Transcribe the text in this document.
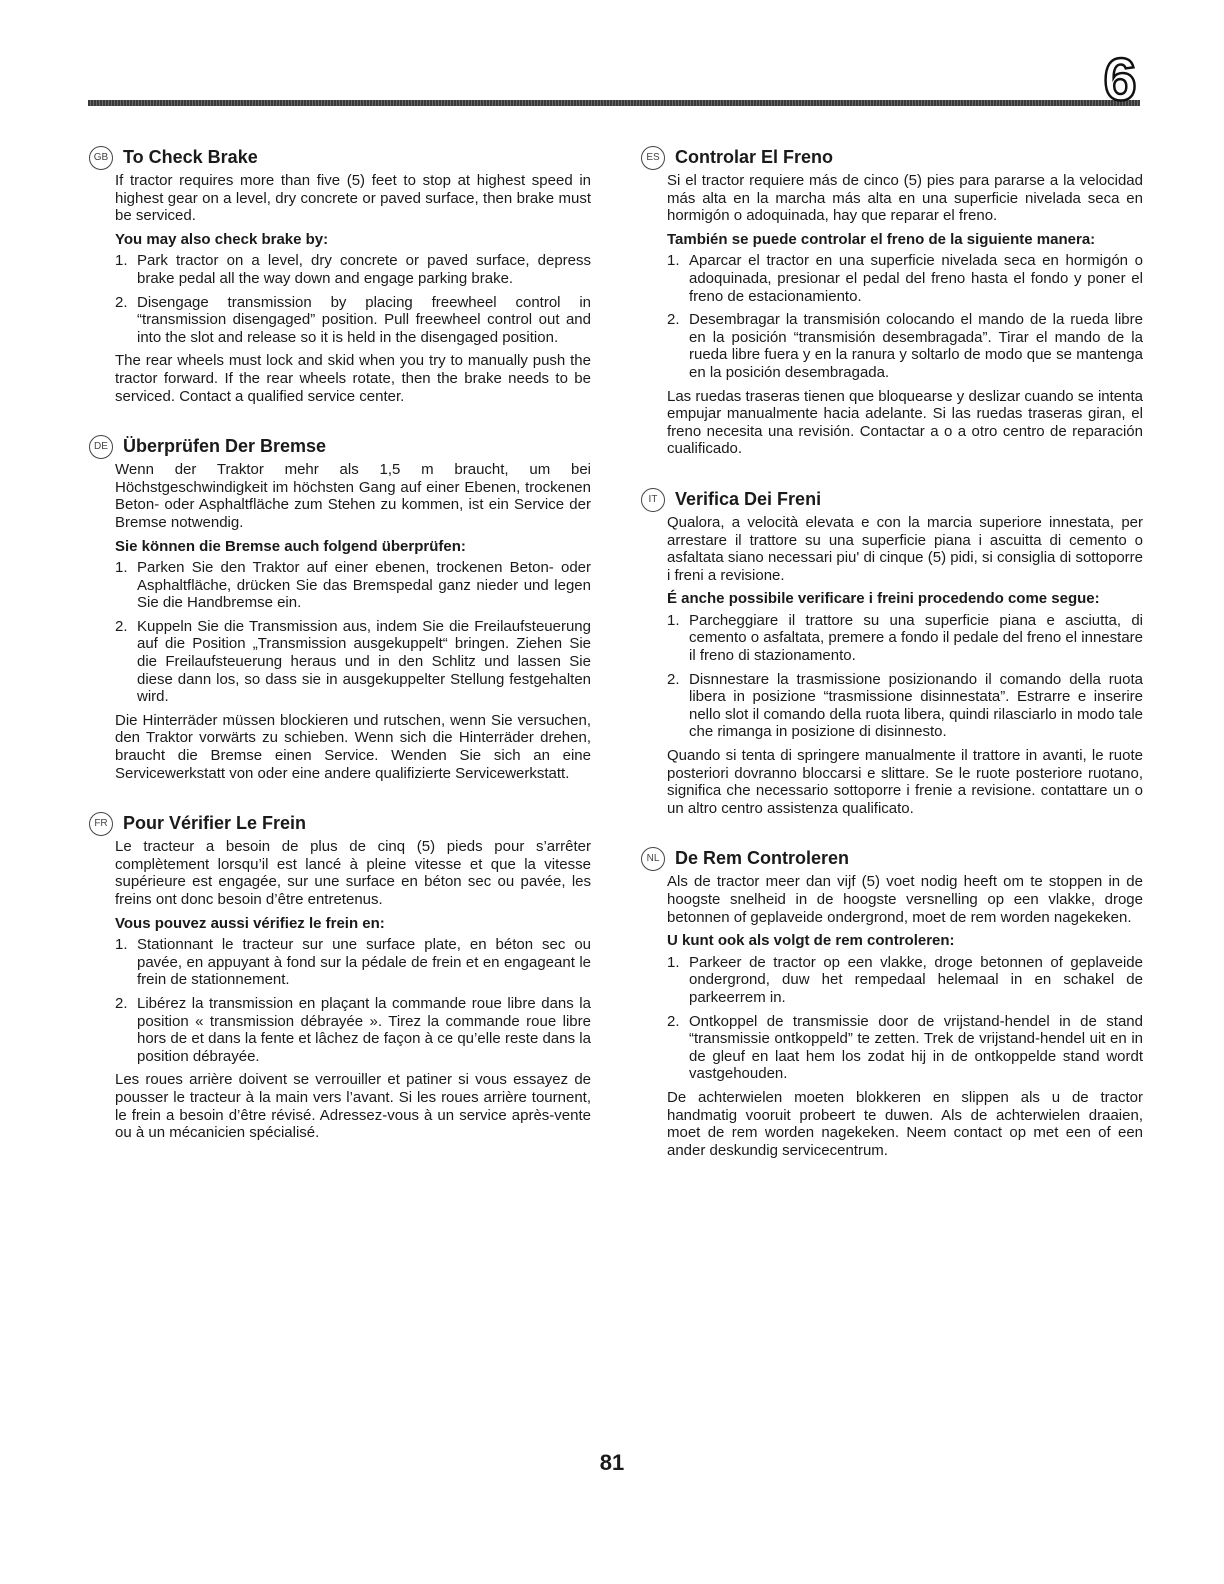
6
GB To Check Brake

If tractor requires more than five (5) feet to stop at highest speed in highest gear on a level, dry concrete or paved surface, then brake must be serviced.

You may also check brake by:

1. Park tractor on a level, dry concrete or paved surface, depress brake pedal all the way down and engage parking brake.
2. Disengage transmission by placing freewheel control in “transmission disengaged” position. Pull freewheel control out and into the slot and release so it is held in the disengaged position.

The rear wheels must lock and skid when you try to manually push the tractor forward. If the rear wheels rotate, then the brake needs to be serviced. Contact a qualified service center.

DE Überprüfen Der Bremse

Wenn der Traktor mehr als 1,5 m braucht, um bei Höchstgeschwindigkeit im höchsten Gang auf einer Ebenen, trockenen Beton- oder Asphaltfläche zum Stehen zu kommen, ist ein Service der Bremse notwendig.

Sie können die Bremse auch folgend überprüfen:

1. Parken Sie den Traktor auf einer ebenen, trockenen Beton- oder Asphaltfläche, drücken Sie das Bremspedal ganz nieder und legen Sie die Handbremse ein.
2. Kuppeln Sie die Transmission aus, indem Sie die Freilaufsteuerung auf die Position „Transmission ausgekuppelt“ bringen. Ziehen Sie die Freilaufsteuerung heraus und in den Schlitz und lassen Sie diese dann los, so dass sie in ausgekuppelter Stellung festgehalten wird.

Die Hinterräder müssen blockieren und rutschen, wenn Sie versuchen, den Traktor vorwärts zu schieben. Wenn sich die Hinterräder drehen, braucht die Bremse einen Service. Wenden Sie sich an eine Servicewerkstatt von oder eine andere qualifizierte Servicewerkstatt.

FR Pour Vérifier Le Frein

Le tracteur a besoin de plus de cinq (5) pieds pour s’arrêter complètement lorsqu’il est lancé à pleine vitesse et que la vitesse supérieure est engagée, sur une surface en béton sec ou pavée, les freins ont donc besoin d’être entretenus.

Vous pouvez aussi vérifiez le frein en:

1. Stationnant le tracteur sur une surface plate, en béton sec ou pavée, en appuyant à fond sur la pédale de frein et en engageant le frein de stationnement.
2. Libérez la transmission en plaçant la commande roue libre dans la position « transmission débrayée ». Tirez la commande roue libre hors de et dans la fente et lâchez de façon à ce qu’elle reste dans la position débrayée.

Les roues arrière doivent se verrouiller et patiner si vous essayez de pousser le tracteur à la main vers l’avant. Si les roues arrière tournent, le frein a besoin d’être révisé. Adressez-vous à un service après-vente ou à un mécanicien spécialisé.

ES Controlar El Freno

Si el tractor requiere más de cinco (5) pies para pararse a la velocidad más alta en la marcha más alta en una superficie nivelada seca en hormigón o adoquinada, hay que reparar el freno.

También se puede controlar el freno de la siguiente manera:

1. Aparcar el tractor en una superficie nivelada seca en hormigón o adoquinada, presionar el pedal del freno hasta el fondo y poner el freno de estacionamiento.
2. Desembragar la transmisión colocando el mando de la rueda libre en la posición “transmisión desembragada”. Tirar el mando de la rueda libre fuera y en la ranura y soltarlo de modo que se mantenga en la posición desembragada.

Las ruedas traseras tienen que bloquearse y deslizar cuando se intenta empujar manualmente hacia adelante. Si las ruedas traseras giran, el freno necesita una revisión. Contactar a o a otro centro de reparación cualificado.

IT Verifica Dei Freni

Qualora, a velocità elevata e con la marcia superiore innestata, per arrestare il trattore su una superficie piana i ascuitta di cemento o asfaltata siano necessari piu' di cinque (5) pidi, si consiglia di sottoporre i freni a revisione.

É anche possibile verificare i freini procedendo come segue:

1. Parcheggiare il trattore su una superficie piana e asciutta, di cemento o asfaltata, premere a fondo il pedale del freno el innestare il freno di stazionamento.
2. Disnnestare la trasmissione posizionando il comando della ruota libera in posizione “trasmissione disinnestata”. Estrarre e inserire nello slot il comando della ruota libera, quindi rilasciarlo in modo tale che rimanga in posizione di disinnesto.

Quando si tenta di springere manualmente il trattore in avanti, le ruote posteriori dovranno bloccarsi e slittare. Se le ruote posteriore ruotano, significa che necessario sottoporre i frenie a revisione. contattare un o un altro centro assistenza qualificato.

NL De Rem Controleren

Als de tractor meer dan vijf (5) voet nodig heeft om te stoppen in de hoogste snelheid in de hoogste versnelling op een vlakke, droge betonnen of geplaveide ondergrond, moet de rem worden nagekeken.

U kunt ook als volgt de rem controleren:

1. Parkeer de tractor op een vlakke, droge betonnen of geplaveide ondergrond, duw het rempedaal helemaal in en schakel de parkeerrem in.
2. Ontkoppel de transmissie door de vrijstand-hendel in de stand “transmissie ontkoppeld” te zetten. Trek de vrijstand-hendel uit en in de gleuf en laat hem los zodat hij in de ontkoppelde stand wordt vastgehouden.

De achterwielen moeten blokkeren en slippen als u de tractor handmatig vooruit probeert te duwen. Als de achterwielen draaien, moet de rem worden nagekeken. Neem contact op met een of een ander deskundig servicecentrum.

81
